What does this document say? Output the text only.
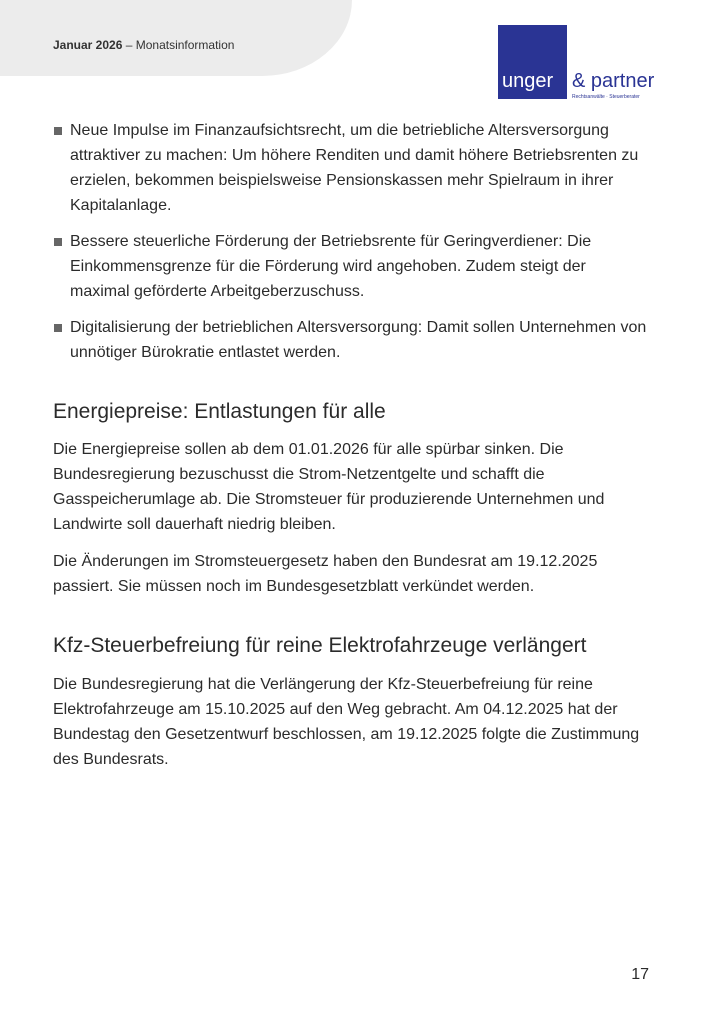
Januar 2026 – Monatsinformation
unger & partner
Rechtsanwälte · Steuerberater
Neue Impulse im Finanzaufsichtsrecht, um die betriebliche Altersversorgung attraktiver zu machen: Um höhere Renditen und damit höhere Betriebsrenten zu erzielen, bekommen beispielsweise Pensionskassen mehr Spielraum in ihrer Kapitalanlage.
Bessere steuerliche Förderung der Betriebsrente für Geringverdiener: Die Einkommensgrenze für die Förderung wird angehoben. Zudem steigt der maximal geförderte Arbeitgeberzuschuss.
Digitalisierung der betrieblichen Altersversorgung: Damit sollen Unternehmen von unnötiger Bürokratie entlastet werden.
Energiepreise: Entlastungen für alle

Die Energiepreise sollen ab dem 01.01.2026 für alle spürbar sinken. Die Bundesregierung bezuschusst die Strom-Netzentgelte und schafft die Gasspeicherumlage ab. Die Stromsteuer für produzierende Unternehmen und Landwirte soll dauerhaft niedrig bleiben.

Die Änderungen im Stromsteuergesetz haben den Bundesrat am 19.12.2025 passiert. Sie müssen noch im Bundesgesetzblatt verkündet werden.

Kfz-Steuerbefreiung für reine Elektrofahrzeuge verlängert

Die Bundesregierung hat die Verlängerung der Kfz-Steuerbefreiung für reine Elektrofahrzeuge am 15.10.2025 auf den Weg gebracht. Am 04.12.2025 hat der Bundestag den Gesetzentwurf beschlossen, am 19.12.2025 folgte die Zustimmung des Bundesrats.

17
